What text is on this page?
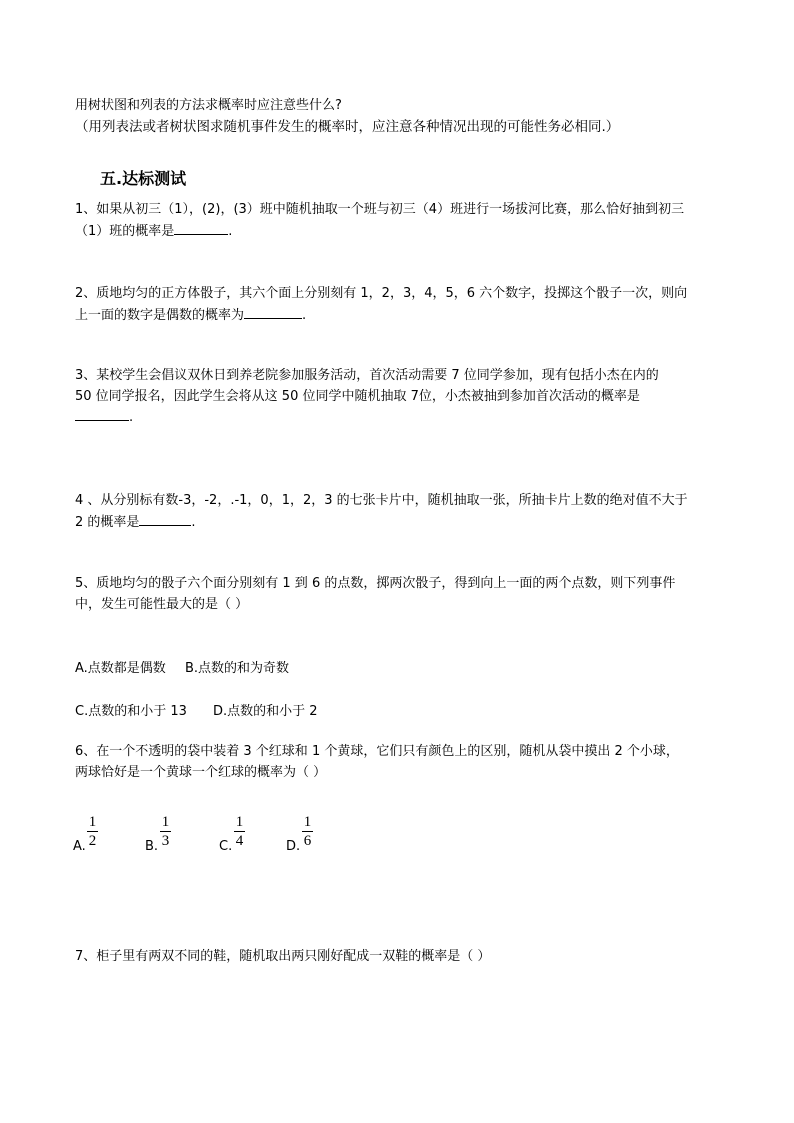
用树状图和列表的方法求概率时应注意些什么?
（用列表法或者树状图求随机事件发生的概率时，应注意各种情况出现的可能性务必相同.）
五.达标测试
1、如果从初三（1），(2)，(3）班中随机抽取一个班与初三（4）班进行一场拔河比赛，那么恰好抽到初三
（1）班的概率是	.
2、质地均匀的正方体骰子，其六个面上分别刻有 1，2，3，4，5，6 六个数字，投掷这个骰子一次，则向
上一面的数字是偶数的概率为	.
3、某校学生会倡议双休日到养老院参加服务活动，首次活动需要 7 位同学参加，现有包括小杰在内的
50 位同学报名，因此学生会将从这 50 位同学中随机抽取 7位，小杰被抽到参加首次活动的概率是
.
4 、从分别标有数-3，-2，.-1，0，1，2，3 的七张卡片中，随机抽取一张，所抽卡片上数的绝对值不大于
2 的概率是	.
5、质地均匀的骰子六个面分别刻有 1 到 6 的点数，掷两次骰子，得到向上一面的两个点数，则下列事件
中，发生可能性最大的是（ ）
A.点数都是偶数 B.点数的和为奇数
C.点数的和小于 13 D.点数的和小于 2
6、在一个不透明的袋中装着 3 个红球和 1 个黄球，它们只有颜色上的区别，随机从袋中摸出 2 个小球，
两球恰好是一个黄球一个红球的概率为（ ）
A.
1
2	B.
1
3	C.
1
4	D.
1
6
7、柜子里有两双不同的鞋，随机取出两只刚好配成一双鞋的概率是（ ）
